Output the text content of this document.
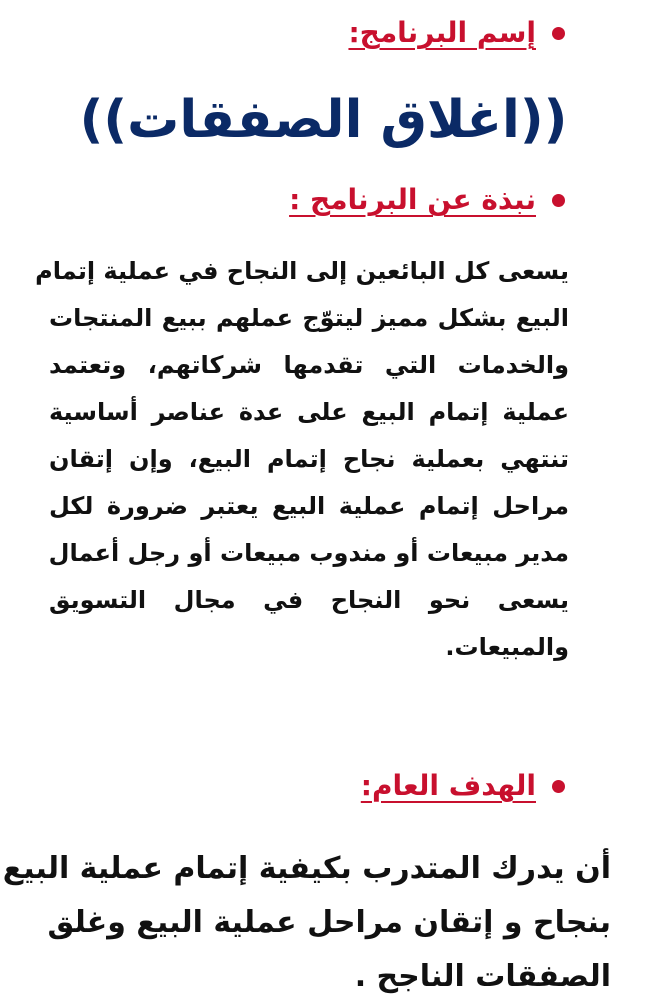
إسم البرنامج:
((اغلاق الصفقات))
نبذة عن البرنامج :
يسعى كل البائعين إلى النجاح في عملية إتمام
البيع بشكل مميز ليتوّج عملهم ببيع المنتجات
والخدمات التي تقدمها شركاتهم، وتعتمد
عملية إتمام البيع على عدة عناصر أساسية
تنتهي بعملية نجاح إتمام البيع، وإن إتقان
مراحل إتمام عملية البيع يعتبر ضرورة لكل
مدير مبيعات أو مندوب مبيعات أو رجل أعمال
يسعى نحو النجاح في مجال التسويق
والمبيعات.
الهدف العام:
أن يدرك المتدرب بكيفية إتمام عملية البيع
بنجاح و إتقان مراحل عملية البيع وغلق
الصفقات الناجح .
